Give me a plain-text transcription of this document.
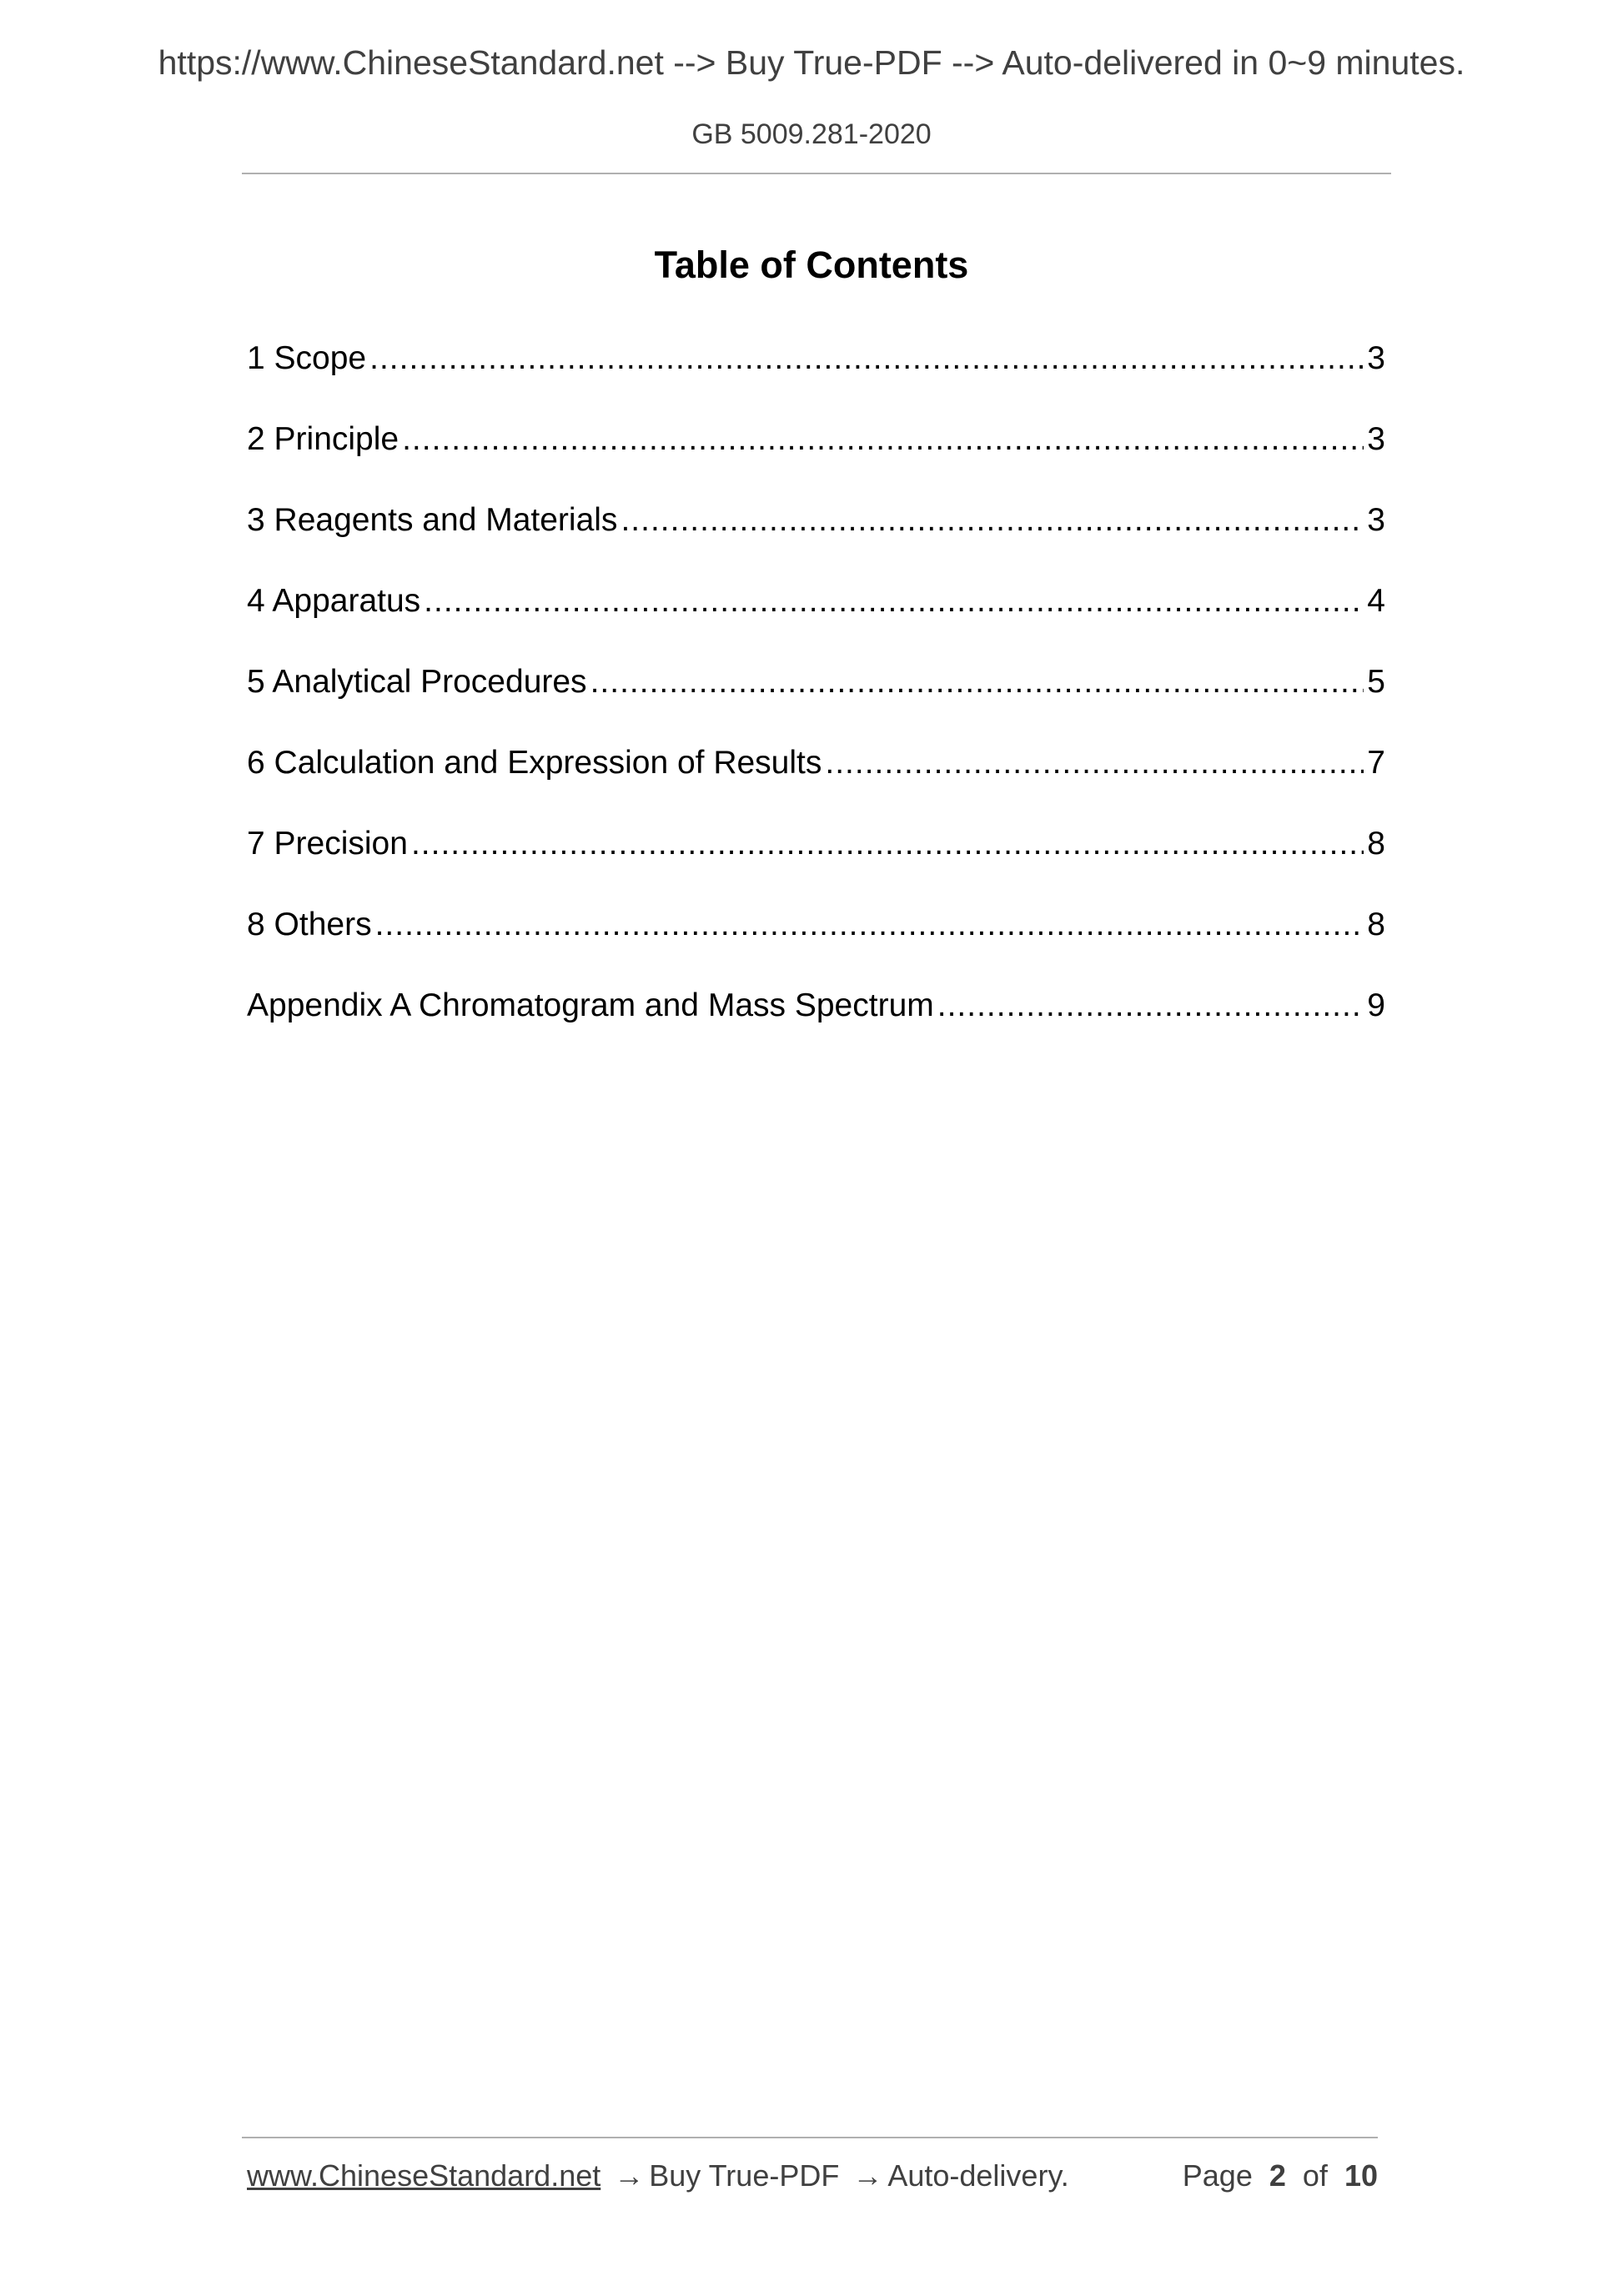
https://www.ChineseStandard.net --> Buy True-PDF --> Auto-delivered in 0~9 minutes.
GB 5009.281-2020
Table of Contents
1 Scope .....	3
2 Principle .....	3
3 Reagents and Materials .....	3
4 Apparatus .....	4
5 Analytical Procedures .....	5
6 Calculation and Expression of Results .....	7
7 Precision .....	8
8 Others .....	8
Appendix A Chromatogram and Mass Spectrum .....	9
www.ChineseStandard.net → Buy True-PDF → Auto-delivery.	Page 2 of 10
